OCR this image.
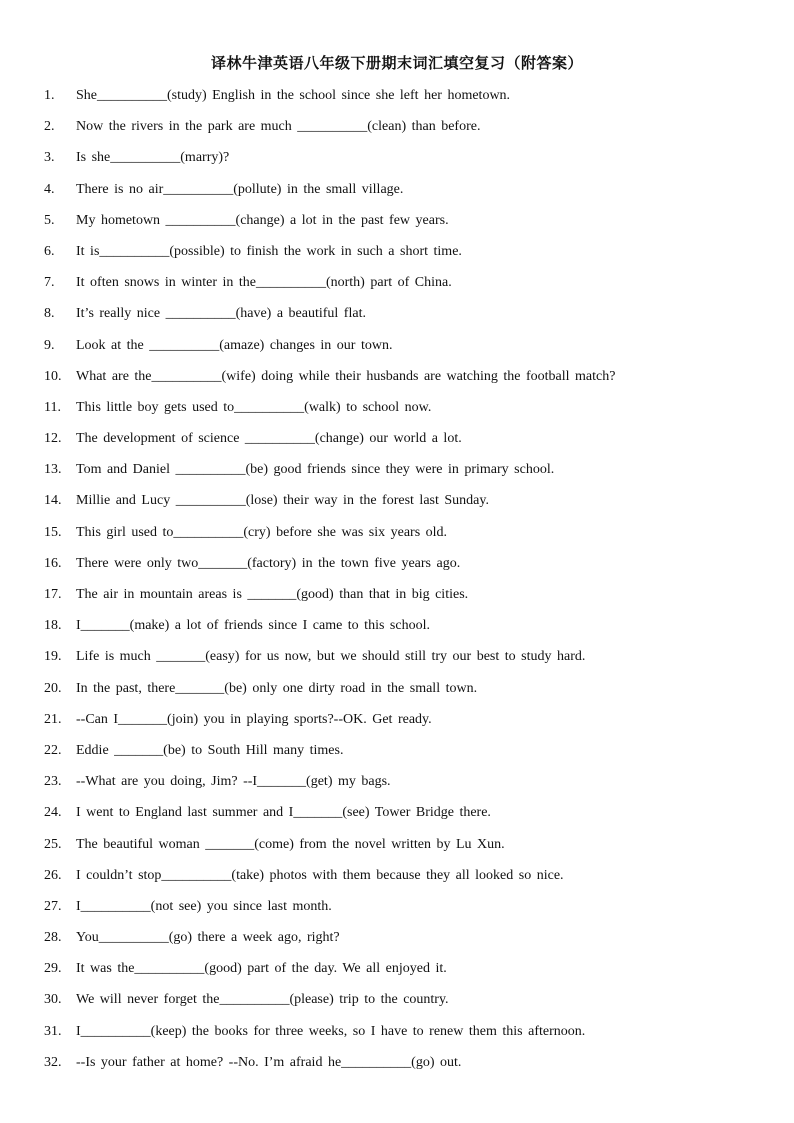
译林牛津英语八年级下册期末词汇填空复习（附答案）
1.	She__________(study) English in the school since she left her hometown.
2.	Now the rivers in the park are much __________(clean) than before.
3.	Is she__________(marry)?
4.	There is no air__________(pollute) in the small village.
5.	My hometown __________(change) a lot in the past few years.
6.	It is__________(possible) to finish the work in such a short time.
7.	It often snows in winter in the__________(north) part of China.
8.	It’s really nice __________(have) a beautiful flat.
9.	Look at the __________(amaze) changes in our town.
10.	What are the__________(wife) doing while their husbands are watching the football match?
11.	This little boy gets used to__________(walk) to school now.
12.	The development of science __________(change) our world a lot.
13.	Tom and Daniel __________(be) good friends since they were in primary school.
14.	Millie and Lucy __________(lose) their way in the forest last Sunday.
15.	This girl used to__________(cry) before she was six years old.
16.	There were only two_______(factory) in the town five years ago.
17.	The air in mountain areas is _______(good) than that in big cities.
18.	I_______(make) a lot of friends since I came to this school.
19.	Life is much _______(easy) for us now, but we should still try our best to study hard.
20.	In the past, there_______(be) only one dirty road in the small town.
21.	--Can I_______(join) you in playing sports?--OK. Get ready.
22.	Eddie _______(be) to South Hill many times.
23.	--What are you doing, Jim? --I_______(get) my bags.
24.	I went to England last summer and I_______(see) Tower Bridge there.
25.	The beautiful woman _______(come) from the novel written by Lu Xun.
26.	I couldn’t stop__________(take) photos with them because they all looked so nice.
27.	I__________(not see) you since last month.
28.	You__________(go) there a week ago, right?
29.	It was the__________(good) part of the day. We all enjoyed it.
30.	We will never forget the__________(please) trip to the country.
31.	I__________(keep) the books for three weeks, so I have to renew them this afternoon.
32.	--Is your father at home? --No. I’m afraid he__________(go) out.
